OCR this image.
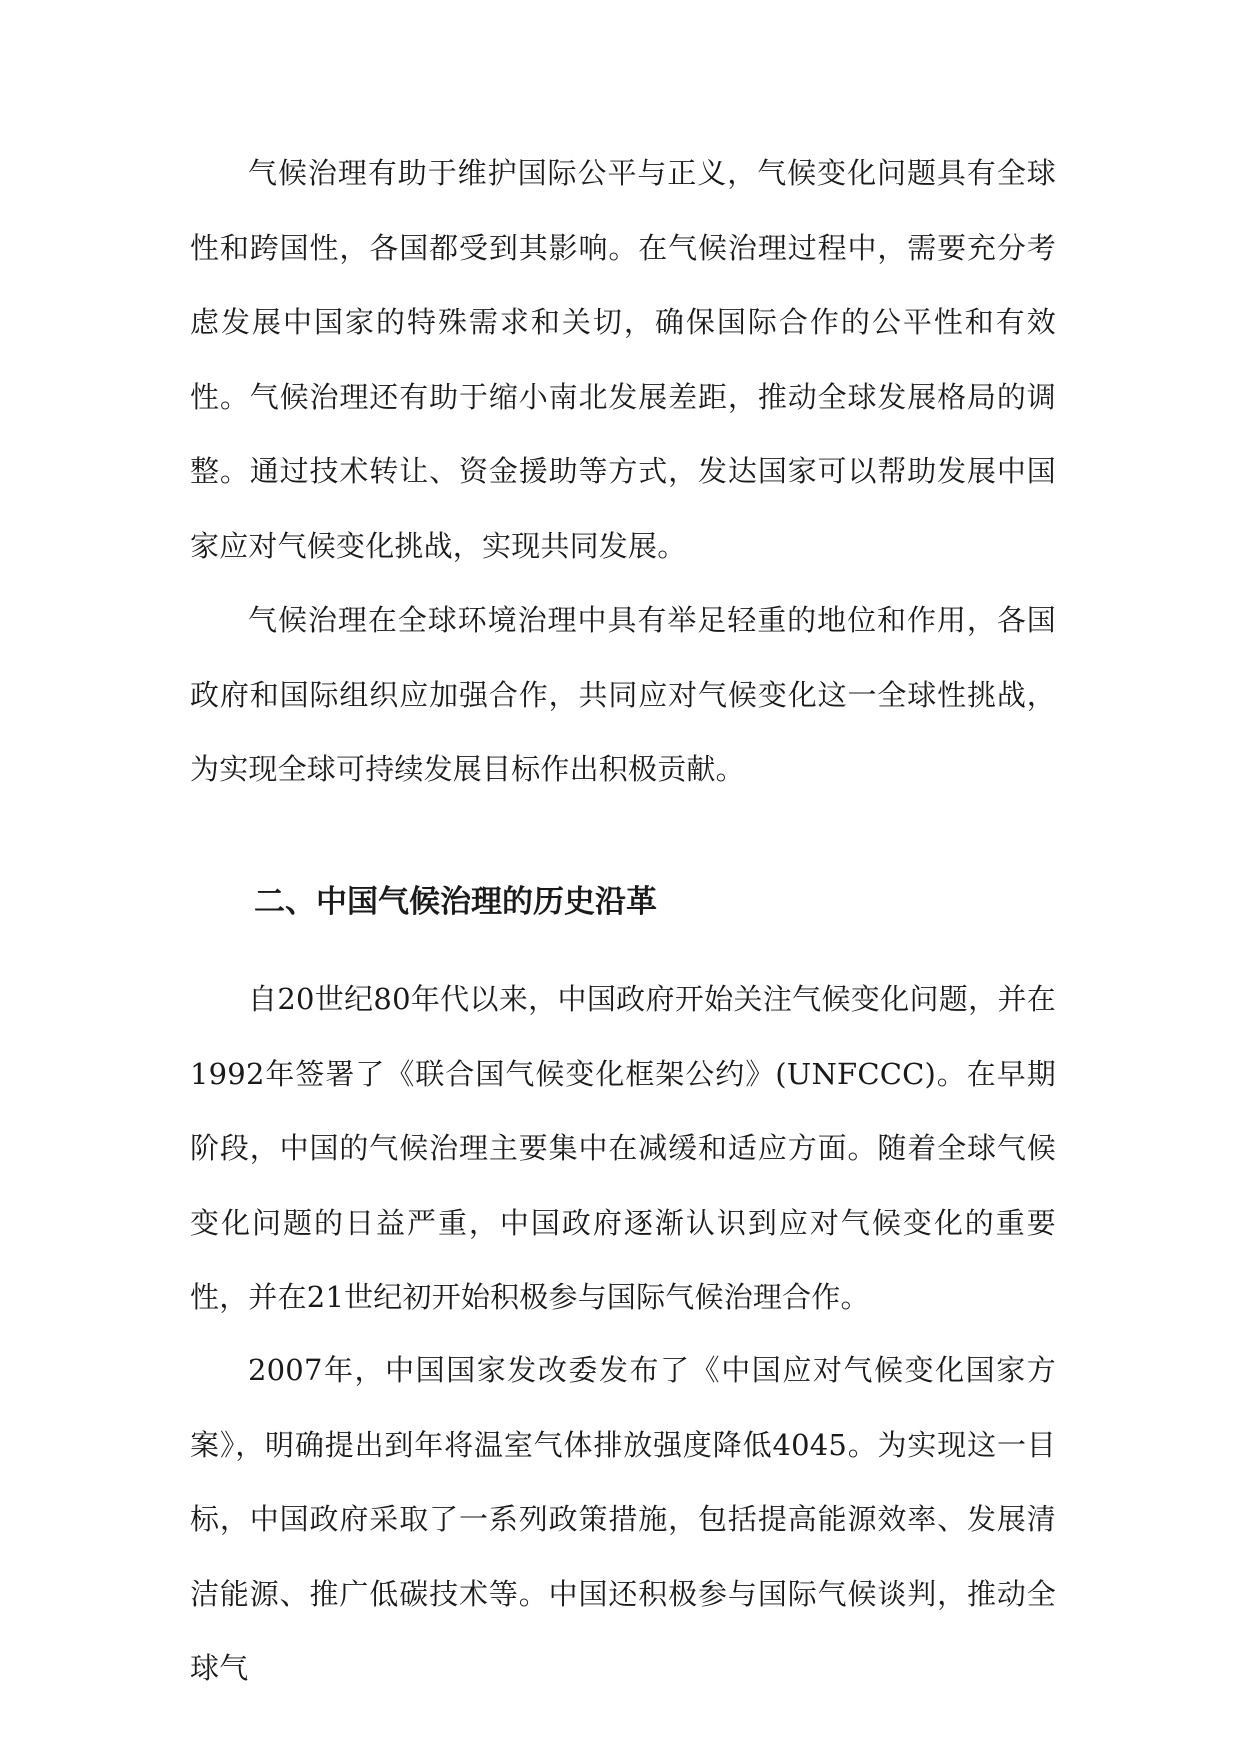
气候治理有助于维护国际公平与正义，气候变化问题具有全球性和跨国性，各国都受到其影响。在气候治理过程中，需要充分考虑发展中国家的特殊需求和关切，确保国际合作的公平性和有效性。气候治理还有助于缩小南北发展差距，推动全球发展格局的调整。通过技术转让、资金援助等方式，发达国家可以帮助发展中国家应对气候变化挑战，实现共同发展。

气候治理在全球环境治理中具有举足轻重的地位和作用，各国政府和国际组织应加强合作，共同应对气候变化这一全球性挑战，为实现全球可持续发展目标作出积极贡献。

二、中国气候治理的历史沿革

自20世纪80年代以来，中国政府开始关注气候变化问题，并在1992年签署了《联合国气候变化框架公约》(UNFCCC)。在早期阶段，中国的气候治理主要集中在减缓和适应方面。随着全球气候变化问题的日益严重，中国政府逐渐认识到应对气候变化的重要性，并在21世纪初开始积极参与国际气候治理合作。

2007年，中国国家发改委发布了《中国应对气候变化国家方案》，明确提出到年将温室气体排放强度降低4045。为实现这一目标，中国政府采取了一系列政策措施，包括提高能源效率、发展清洁能源、推广低碳技术等。中国还积极参与国际气候谈判，推动全球气
